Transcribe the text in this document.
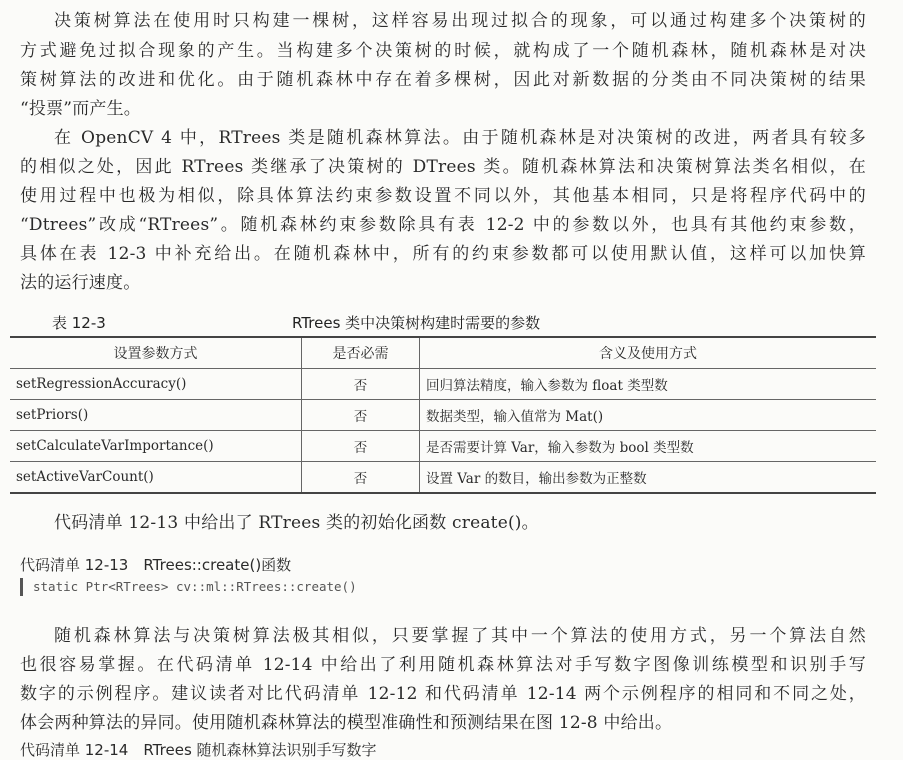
决策树算法在使用时只构建一棵树，这样容易出现过拟合的现象，可以通过构建多个决策树的
方式避免过拟合现象的产生。当构建多个决策树的时候，就构成了一个随机森林，随机森林是对决
策树算法的改进和优化。由于随机森林中存在着多棵树，因此对新数据的分类由不同决策树的结果
“投票”而产生。
在 OpenCV 4 中，RTrees 类是随机森林算法。由于随机森林是对决策树的改进，两者具有较多
的相似之处，因此 RTrees 类继承了决策树的 DTrees 类。随机森林算法和决策树算法类名相似，在
使用过程中也极为相似，除具体算法约束参数设置不同以外，其他基本相同，只是将程序代码中的
“Dtrees”改成“RTrees”。随机森林约束参数除具有表 12-2 中的参数以外，也具有其他约束参数，
具体在表 12-3 中补充给出。在随机森林中，所有的约束参数都可以使用默认值，这样可以加快算
法的运行速度。
表 12-3	RTrees 类中决策树构建时需要的参数
设置参数方式	是否必需	含义及使用方式
setRegressionAccuracy()	否	回归算法精度，输入参数为 float 类型数
setPriors()	否	数据类型，输入值常为 Mat()
setCalculateVarImportance()	否	是否需要计算 Var，输入参数为 bool 类型数
setActiveVarCount()	否	设置 Var 的数目，输出参数为正整数
代码清单 12-13 中给出了 RTrees 类的初始化函数 create()。
代码清单 12-13　RTrees::create()函数
static Ptr<RTrees> cv::ml::RTrees::create()
随机森林算法与决策树算法极其相似，只要掌握了其中一个算法的使用方式，另一个算法自然
也很容易掌握。在代码清单 12-14 中给出了利用随机森林算法对手写数字图像训练模型和识别手写
数字的示例程序。建议读者对比代码清单 12-12 和代码清单 12-14 两个示例程序的相同和不同之处，
体会两种算法的异同。使用随机森林算法的模型准确性和预测结果在图 12-8 中给出。
代码清单 12-14　RTrees 随机森林算法识别手写数字
